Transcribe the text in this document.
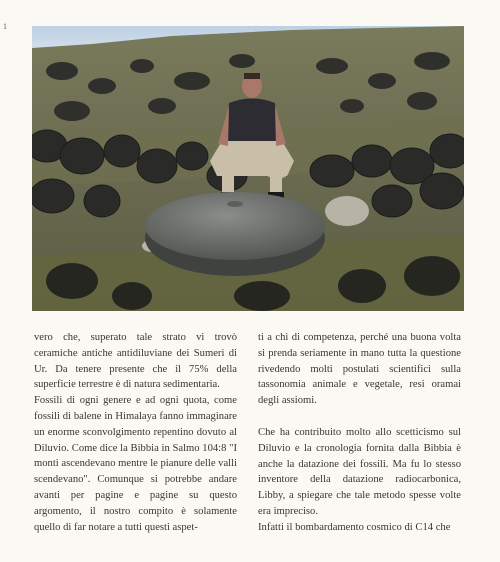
1

vero che, superato tale strato vi trovò ceramiche antiche antidiluviane dei Sumeri di Ur. Da tenere presente che il 75% della superficie terrestre è di natura sedimentaria.

Fossili di ogni genere e ad ogni quota, come fossili di balene in Himalaya fanno immaginare un enorme sconvolgimento repentino dovuto al Diluvio. Come dice la Bibbia in Salmo 104:8 "I monti ascendevano mentre le pianure delle valli scendevano". Comunque si potrebbe andare avanti per pagine e pagine su questo argomento, il nostro compito è solamente quello di far notare a tutti questi aspet-

ti a chi di competenza, perché una buona volta si prenda seriamente in mano tutta la questione rivedendo molti postulati scientifici sulla tassonomia animale e vegetale, resi oramai degli assiomi.

Che ha contribuito molto allo scetticismo sul Diluvio e la cronologia fornita dalla Bibbia è anche la datazione dei fossili. Ma fu lo stesso inventore della datazione radiocarbonica, Libby, a spiegare che tale metodo spesse volte era impreciso.

Infatti il bombardamento cosmico di C14 che
